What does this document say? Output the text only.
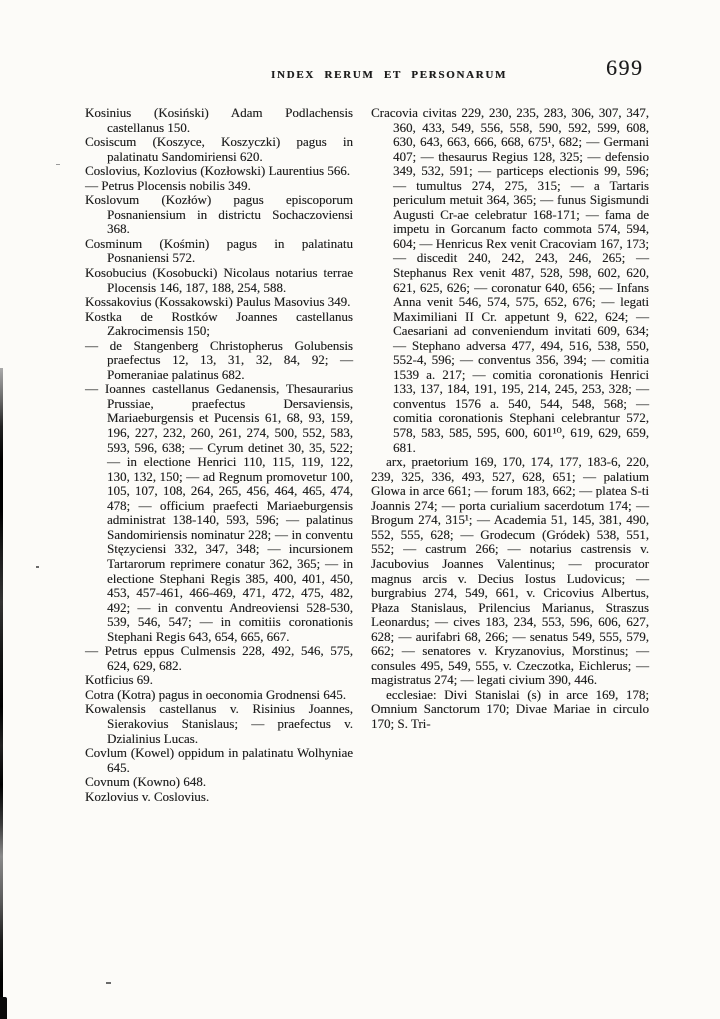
INDEX RERUM ET PERSONARUM	699
Kosinius (Kosiński) Adam Podlachensis castellanus 150.
Cosiscum (Koszyce, Koszyczki) pagus in palatinatu Sandomiriensi 620.
Coslovius, Kozlovius (Kozłowski) Laurentius 566.
— Petrus Plocensis nobilis 349.
Koslovum (Kozłów) pagus episcoporum Posnaniensium in districtu Sochaczoviensi 368.
Cosminum (Kośmin) pagus in palatinatu Posnaniensi 572.
Kosobucius (Kosobucki) Nicolaus notarius terrae Plocensis 146, 187, 188, 254, 588.
Kossakovius (Kossakowski) Paulus Masovius 349.
Kostka de Rostków Joannes castellanus Zakrocimensis 150;
— de Stangenberg Christopherus Golubensis praefectus 12, 13, 31, 32, 84, 92; — Pomeraniae palatinus 682.
— Ioannes castellanus Gedanensis, Thesaurarius Prussiae, praefectus Dersaviensis, Mariaeburgensis et Pucensis 61, 68, 93, 159, 196, 227, 232, 260, 261, 274, 500, 552, 583, 593, 596, 638; — Cyrum detinet 30, 35, 522; — in electione Henrici 110, 115, 119, 122, 130, 132, 150; — ad Regnum promovetur 100, 105, 107, 108, 264, 265, 456, 464, 465, 474, 478; — officium praefecti Mariaeburgensis administrat 138-140, 593, 596; — palatinus Sandomiriensis nominatur 228; — in conventu Stęzyciensi 332, 347, 348; — incursionem Tartarorum reprimere conatur 362, 365; — in electione Stephani Regis 385, 400, 401, 450, 453, 457-461, 466-469, 471, 472, 475, 482, 492; — in conventu Andreoviensi 528-530, 539, 546, 547; — in comitiis coronationis Stephani Regis 643, 654, 665, 667.
— Petrus eppus Culmensis 228, 492, 546, 575, 624, 629, 682.
Kotficius 69.
Cotra (Kotra) pagus in oeconomia Grodnensi 645.
Kowalensis castellanus v. Risinius Joannes, Sierakovius Stanislaus; — praefectus v. Dzialinius Lucas.
Covlum (Kowel) oppidum in palatinatu Wolhyniae 645.
Covnum (Kowno) 648.
Kozlovius v. Coslovius.
Cracovia civitas 229, 230, 235, 283, 306, 307, 347, 360, 433, 549, 556, 558, 590, 592, 599, 608, 630, 643, 663, 666, 668, 675¹, 682; — Germani 407; — thesaurus Regius 128, 325; — defensio 349, 532, 591; — particeps electionis 99, 596; — tumultus 274, 275, 315; — a Tartaris periculum metuit 364, 365; — funus Sigismundi Augusti Cr-ae celebratur 168-171; — fama de impetu in Gorcanum facto commota 574, 594, 604; — Henricus Rex venit Cracoviam 167, 173; — discedit 240, 242, 243, 246, 265; — Stephanus Rex venit 487, 528, 598, 602, 620, 621, 625, 626; — coronatur 640, 656; — Infans Anna venit 546, 574, 575, 652, 676; — legati Maximiliani II Cr. appetunt 9, 622, 624; — Caesariani ad conveniendum invitati 609, 634; — Stephano adversa 477, 494, 516, 538, 550, 552-4, 596; — conventus 356, 394; — comitia 1539 a. 217; — comitia coronationis Henrici 133, 137, 184, 191, 195, 214, 245, 253, 328; — conventus 1576 a. 540, 544, 548, 568; — comitia coronationis Stephani celebrantur 572, 578, 583, 585, 595, 600, 601¹⁰, 619, 629, 659, 681.
arx, praetorium 169, 170, 174, 177, 183-6, 220, 239, 325, 336, 493, 527, 628, 651; — palatium Glowa in arce 661; — forum 183, 662; — platea S-ti Joannis 274; — porta curialium sacerdotum 174; — Brogum 274, 315¹; — Academia 51, 145, 381, 490, 552, 555, 628; — Grodecum (Gródek) 538, 551, 552; — castrum 266; — notarius castrensis v. Jacubovius Joannes Valentinus; — procurator magnus arcis v. Decius Iostus Ludovicus; — burgrabius 274, 549, 661, v. Cricovius Albertus, Płaza Stanislaus, Prilencius Marianus, Straszus Leonardus; — cives 183, 234, 553, 596, 606, 627, 628; — aurifabri 68, 266; — senatus 549, 555, 579, 662; — senatores v. Kryzanovius, Morstinus; — consules 495, 549, 555, v. Czeczotka, Eichlerus; — magistratus 274; — legati civium 390, 446.
ecclesiae: Divi Stanislai (s) in arce 169, 178; Omnium Sanctorum 170; Divae Mariae in circulo 170; S. Tri-
